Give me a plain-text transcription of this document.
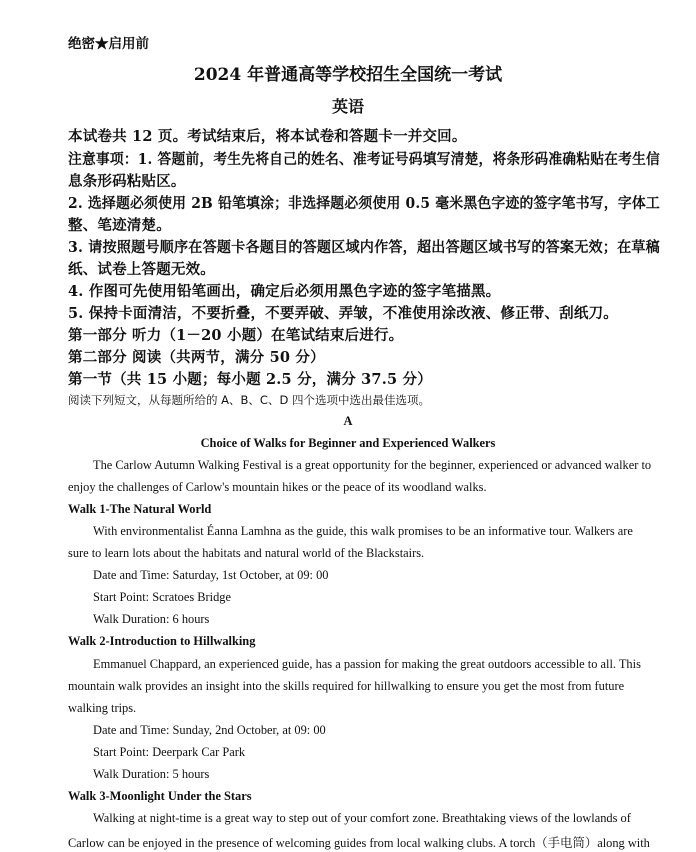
绝密★启用前
2024 年普通高等学校招生全国统一考试
英语
本试卷共 12 页。考试结束后，将本试卷和答题卡一并交回。
注意事项：1. 答题前，考生先将自己的姓名、准考证号码填写清楚，将条形码准确粘贴在考生信
息条形码粘贴区。
2. 选择题必须使用 2B 铅笔填涂；非选择题必须使用 0.5 毫米黑色字迹的签字笔书写，字体工
整、笔迹清楚。
3. 请按照题号顺序在答题卡各题目的答题区域内作答，超出答题区域书写的答案无效；在草稿
纸、试卷上答题无效。
4. 作图可先使用铅笔画出，确定后必须用黑色字迹的签字笔描黑。
5. 保持卡面清洁，不要折叠，不要弄破、弄皱，不准使用涂改液、修正带、刮纸刀。
第一部分 听力（1－20 小题）在笔试结束后进行。
第二部分 阅读（共两节，满分 50 分）
第一节（共 15 小题；每小题 2.5 分，满分 37.5 分）
阅读下列短文，从每题所给的 A、B、C、D 四个选项中选出最佳选项。
A
Choice of Walks for Beginner and Experienced Walkers
The Carlow Autumn Walking Festival is a great opportunity for the beginner, experienced or advanced walker to
enjoy the challenges of Carlow's mountain hikes or the peace of its woodland walks.
Walk 1-The Natural World
With environmentalist Éanna Lamhna as the guide, this walk promises to be an informative tour. Walkers are
sure to learn lots about the habitats and natural world of the Blackstairs.
Date and Time: Saturday, 1st October, at 09: 00
Start Point: Scratoes Bridge
Walk Duration: 6 hours
Walk 2-Introduction to Hillwalking
Emmanuel Chappard, an experienced guide, has a passion for making the great outdoors accessible to all. This
mountain walk provides an insight into the skills required for hillwalking to ensure you get the most from future
walking trips.
Date and Time: Sunday, 2nd October, at 09: 00
Start Point: Deerpark Car Park
Walk Duration: 5 hours
Walk 3-Moonlight Under the Stars
Walking at night-time is a great way to step out of your comfort zone. Breathtaking views of the lowlands of
Carlow can be enjoyed in the presence of welcoming guides from local walking clubs. A torch（手电筒）along with
